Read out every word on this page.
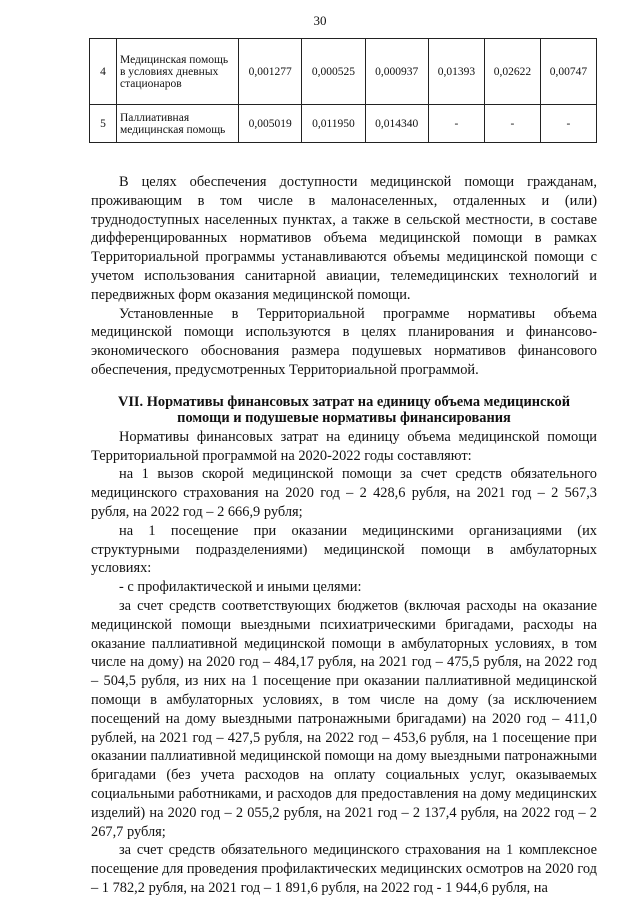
30
4	Медицинская помощь в условиях дневных стационаров	0,001277	0,000525	0,000937	0,01393	0,02622	0,00747
5	Паллиативная медицинская помощь	0,005019	0,011950	0,014340	-	-	-

В целях обеспечения доступности медицинской помощи гражданам, проживающим в том числе в малонаселенных, отдаленных и (или) труднодоступных населенных пунктах, а также в сельской местности, в составе дифференцированных нормативов объема медицинской помощи в рамках Территориальной программы устанавливаются объемы медицинской помощи с учетом использования санитарной авиации, телемедицинских технологий и передвижных форм оказания медицинской помощи.

Установленные в Территориальной программе нормативы объема медицинской помощи используются в целях планирования и финансово-экономического обоснования размера подушевых нормативов финансового обеспечения, предусмотренных Территориальной программой.

VII. Нормативы финансовых затрат на единицу объема медицинской помощи и подушевые нормативы финансирования

Нормативы финансовых затрат на единицу объема медицинской помощи Территориальной программой на 2020-2022 годы составляют:

на 1 вызов скорой медицинской помощи за счет средств обязательного медицинского страхования на 2020 год – 2 428,6 рубля, на 2021 год – 2 567,3 рубля, на 2022 год – 2 666,9 рубля;

на 1 посещение при оказании медицинскими организациями (их структурными подразделениями) медицинской помощи в амбулаторных условиях:

- с профилактической и иными целями:

за счет средств соответствующих бюджетов (включая расходы на оказание медицинской помощи выездными психиатрическими бригадами, расходы на оказание паллиативной медицинской помощи в амбулаторных условиях, в том числе на дому) на 2020 год – 484,17 рубля, на 2021 год – 475,5 рубля, на 2022 год – 504,5 рубля, из них на 1 посещение при оказании паллиативной медицинской помощи в амбулаторных условиях, в том числе на дому (за исключением посещений на дому выездными патронажными бригадами) на 2020 год – 411,0 рублей, на 2021 год – 427,5 рубля, на 2022 год – 453,6 рубля, на 1 посещение при оказании паллиативной медицинской помощи на дому выездными патронажными бригадами (без учета расходов на оплату социальных услуг, оказываемых социальными работниками, и расходов для предоставления на дому медицинских изделий) на 2020 год – 2 055,2 рубля, на 2021 год – 2 137,4 рубля, на 2022 год – 2 267,7 рубля;

за счет средств обязательного медицинского страхования на 1 комплексное посещение для проведения профилактических медицинских осмотров на 2020 год – 1 782,2 рубля, на 2021 год – 1 891,6 рубля, на 2022 год - 1 944,6 рубля, на
